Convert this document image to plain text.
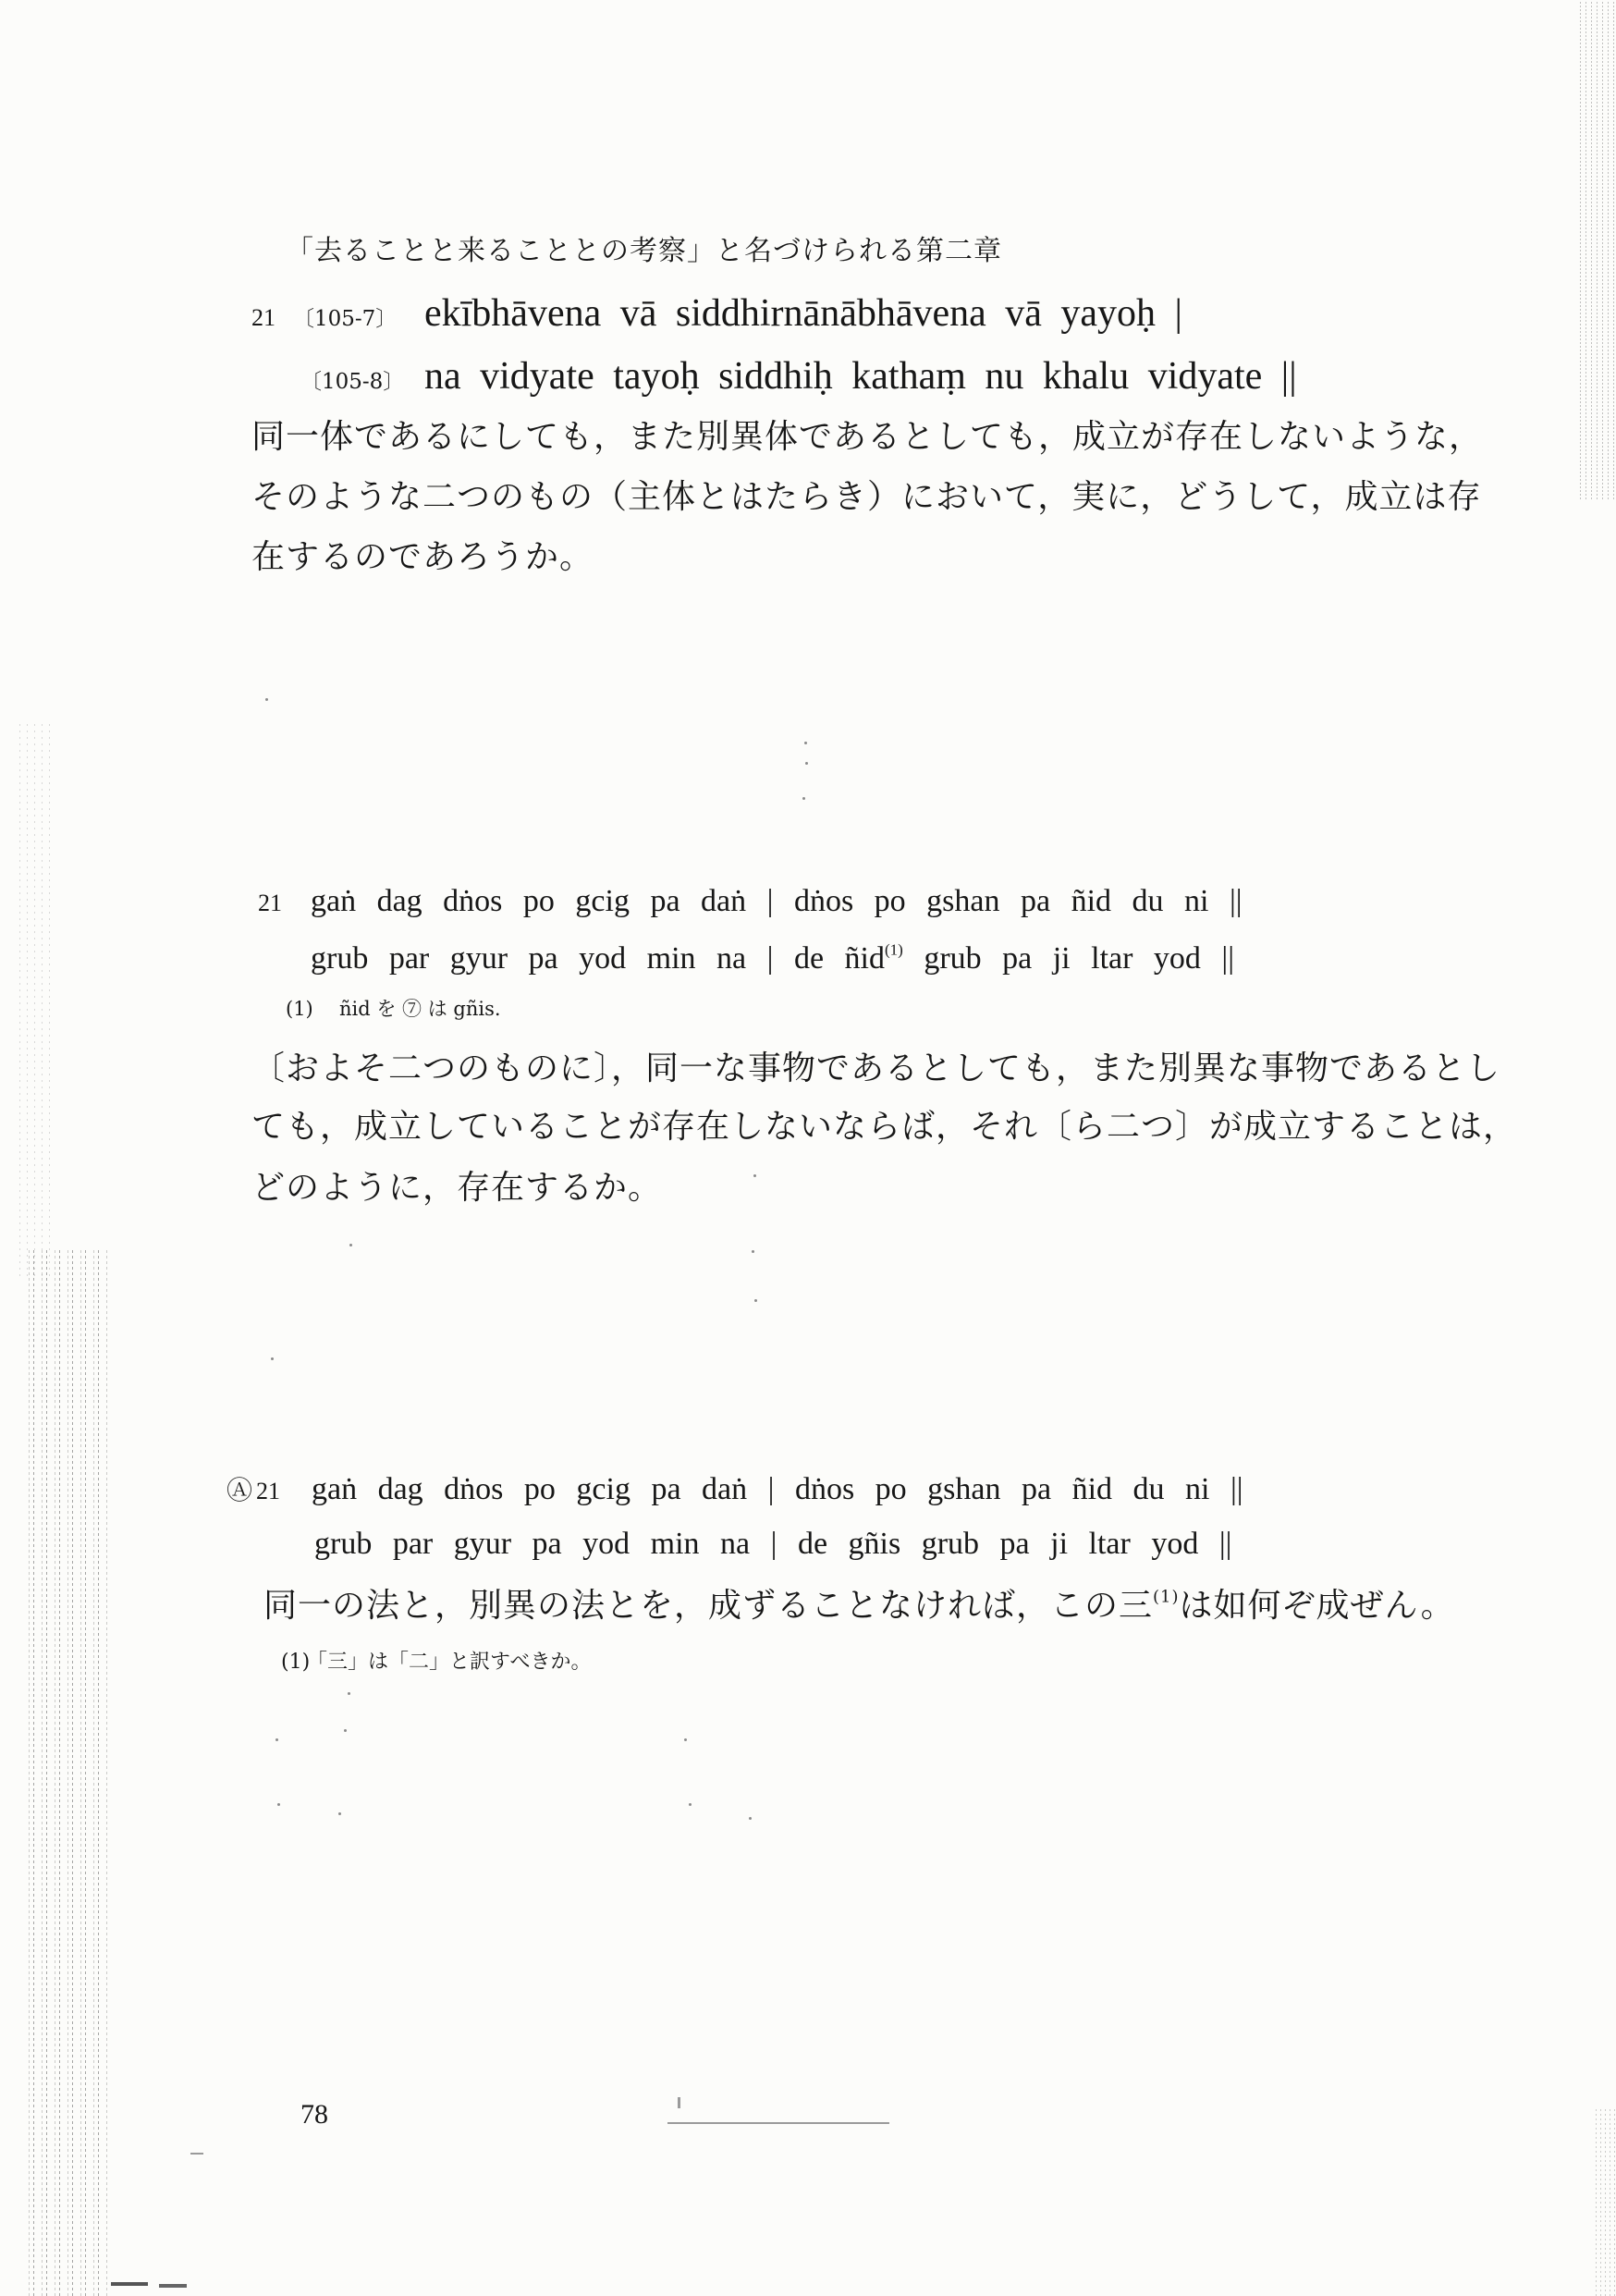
「去ることと来ることとの考察」と名づけられる第二章
21 〔105-7〕 ekībhāvena vā siddhirnānābhāvena vā yayoḥ |
〔105-8〕 na vidyate tayoḥ siddhiḥ kathaṃ nu khalu vidyate ||
同一体であるにしても，また別異体であるとしても，成立が存在しないような，
そのような二つのもの（主体とはたらき）において，実に，どうして，成立は存
在するのであろうか。
21 gaṅ dag dṅos po gcig pa daṅ | dṅos po gshan pa ñid du ni ||
grub par gyur pa yod min na | de ñid$^{(1)}$ grub pa ji ltar yod ||
(1)	ñid を ⑦ は gñis.
〔およそ二つのものに〕，同一な事物であるとしても，また別異な事物であるとし
ても，成立していることが存在しないならば，それ〔ら二つ〕が成立することは，
どのように，存在するか。
Ⓐ 21	gaṅ dag dṅos po gcig pa daṅ | dṅos po gshan pa ñid du ni ||
grub par gyur pa yod min na | de gñis grub pa ji ltar yod ||
同一の法と，別異の法とを，成ずることなければ，この三$^{(1)}$は如何ぞ成ぜん。
(1)
「三」は「二」と訳すべきか。
78
